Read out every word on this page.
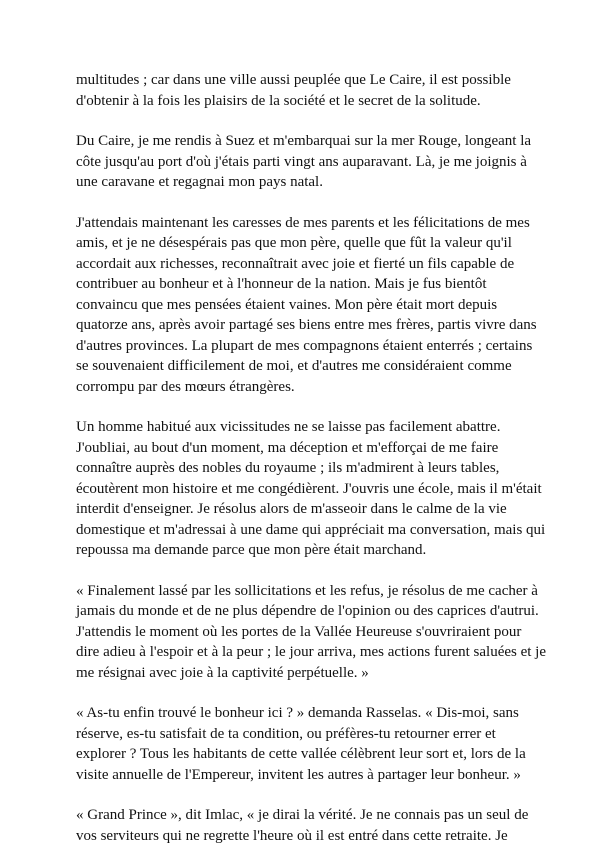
multitudes ; car dans une ville aussi peuplée que Le Caire, il est possible d'obtenir à la fois les plaisirs de la société et le secret de la solitude.

Du Caire, je me rendis à Suez et m'embarquai sur la mer Rouge, longeant la côte jusqu'au port d'où j'étais parti vingt ans auparavant. Là, je me joignis à une caravane et regagnai mon pays natal.

J'attendais maintenant les caresses de mes parents et les félicitations de mes amis, et je ne désespérais pas que mon père, quelle que fût la valeur qu'il accordait aux richesses, reconnaîtrait avec joie et fierté un fils capable de contribuer au bonheur et à l'honneur de la nation. Mais je fus bientôt convaincu que mes pensées étaient vaines. Mon père était mort depuis quatorze ans, après avoir partagé ses biens entre mes frères, partis vivre dans d'autres provinces. La plupart de mes compagnons étaient enterrés ; certains se souvenaient difficilement de moi, et d'autres me considéraient comme corrompu par des mœurs étrangères.

Un homme habitué aux vicissitudes ne se laisse pas facilement abattre. J'oubliai, au bout d'un moment, ma déception et m'efforçai de me faire connaître auprès des nobles du royaume ; ils m'admirent à leurs tables, écoutèrent mon histoire et me congédièrent. J'ouvris une école, mais il m'était interdit d'enseigner. Je résolus alors de m'asseoir dans le calme de la vie domestique et m'adressai à une dame qui appréciait ma conversation, mais qui repoussa ma demande parce que mon père était marchand.

« Finalement lassé par les sollicitations et les refus, je résolus de me cacher à jamais du monde et de ne plus dépendre de l'opinion ou des caprices d'autrui. J'attendis le moment où les portes de la Vallée Heureuse s'ouvriraient pour dire adieu à l'espoir et à la peur ; le jour arriva, mes actions furent saluées et je me résignai avec joie à la captivité perpétuelle. »

« As-tu enfin trouvé le bonheur ici ? » demanda Rasselas. « Dis-moi, sans réserve, es-tu satisfait de ta condition, ou préfères-tu retourner errer et explorer ? Tous les habitants de cette vallée célèbrent leur sort et, lors de la visite annuelle de l'Empereur, invitent les autres à partager leur bonheur. »

« Grand Prince », dit Imlac, « je dirai la vérité. Je ne connais pas un seul de vos serviteurs qui ne regrette l'heure où il est entré dans cette retraite. Je
